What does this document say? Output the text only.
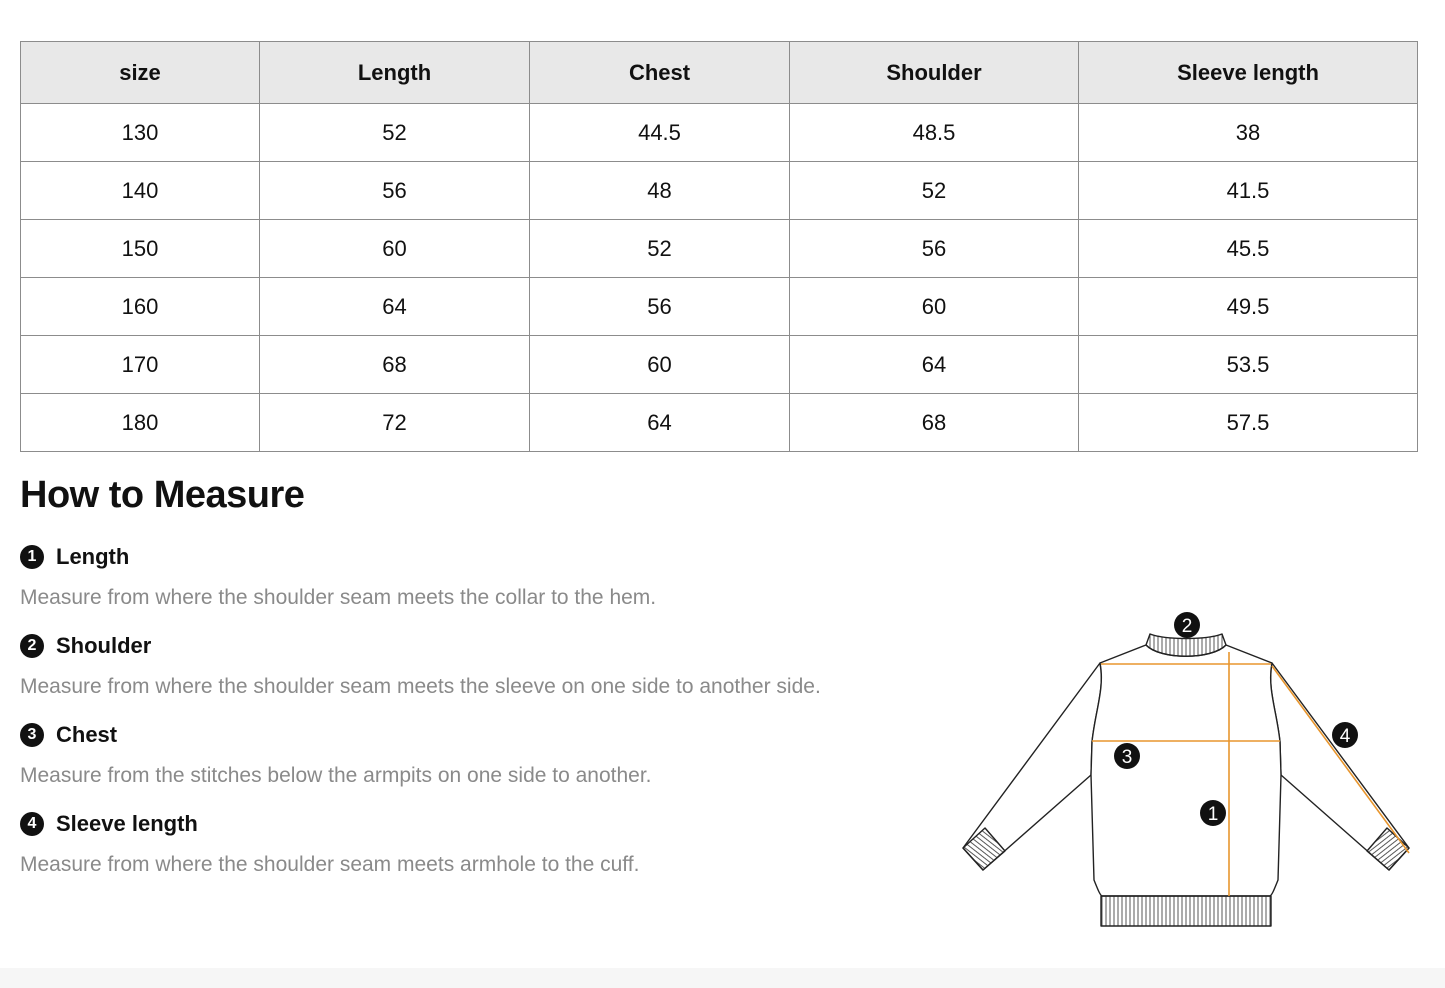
size	Length	Chest	Shoulder	Sleeve length
130	52	44.5	48.5	38
140	56	48	52	41.5
150	60	52	56	45.5
160	64	56	60	49.5
170	68	60	64	53.5
180	72	64	68	57.5
How to Measure
1 Length
Measure from where the shoulder seam meets the collar to the hem.
2 Shoulder
Measure from where the shoulder seam meets the sleeve on one side to another side.
3 Chest
Measure from the stitches below the armpits on one side to another.
4 Sleeve length
Measure from where the shoulder seam meets armhole to the cuff.
2
3
1
4
